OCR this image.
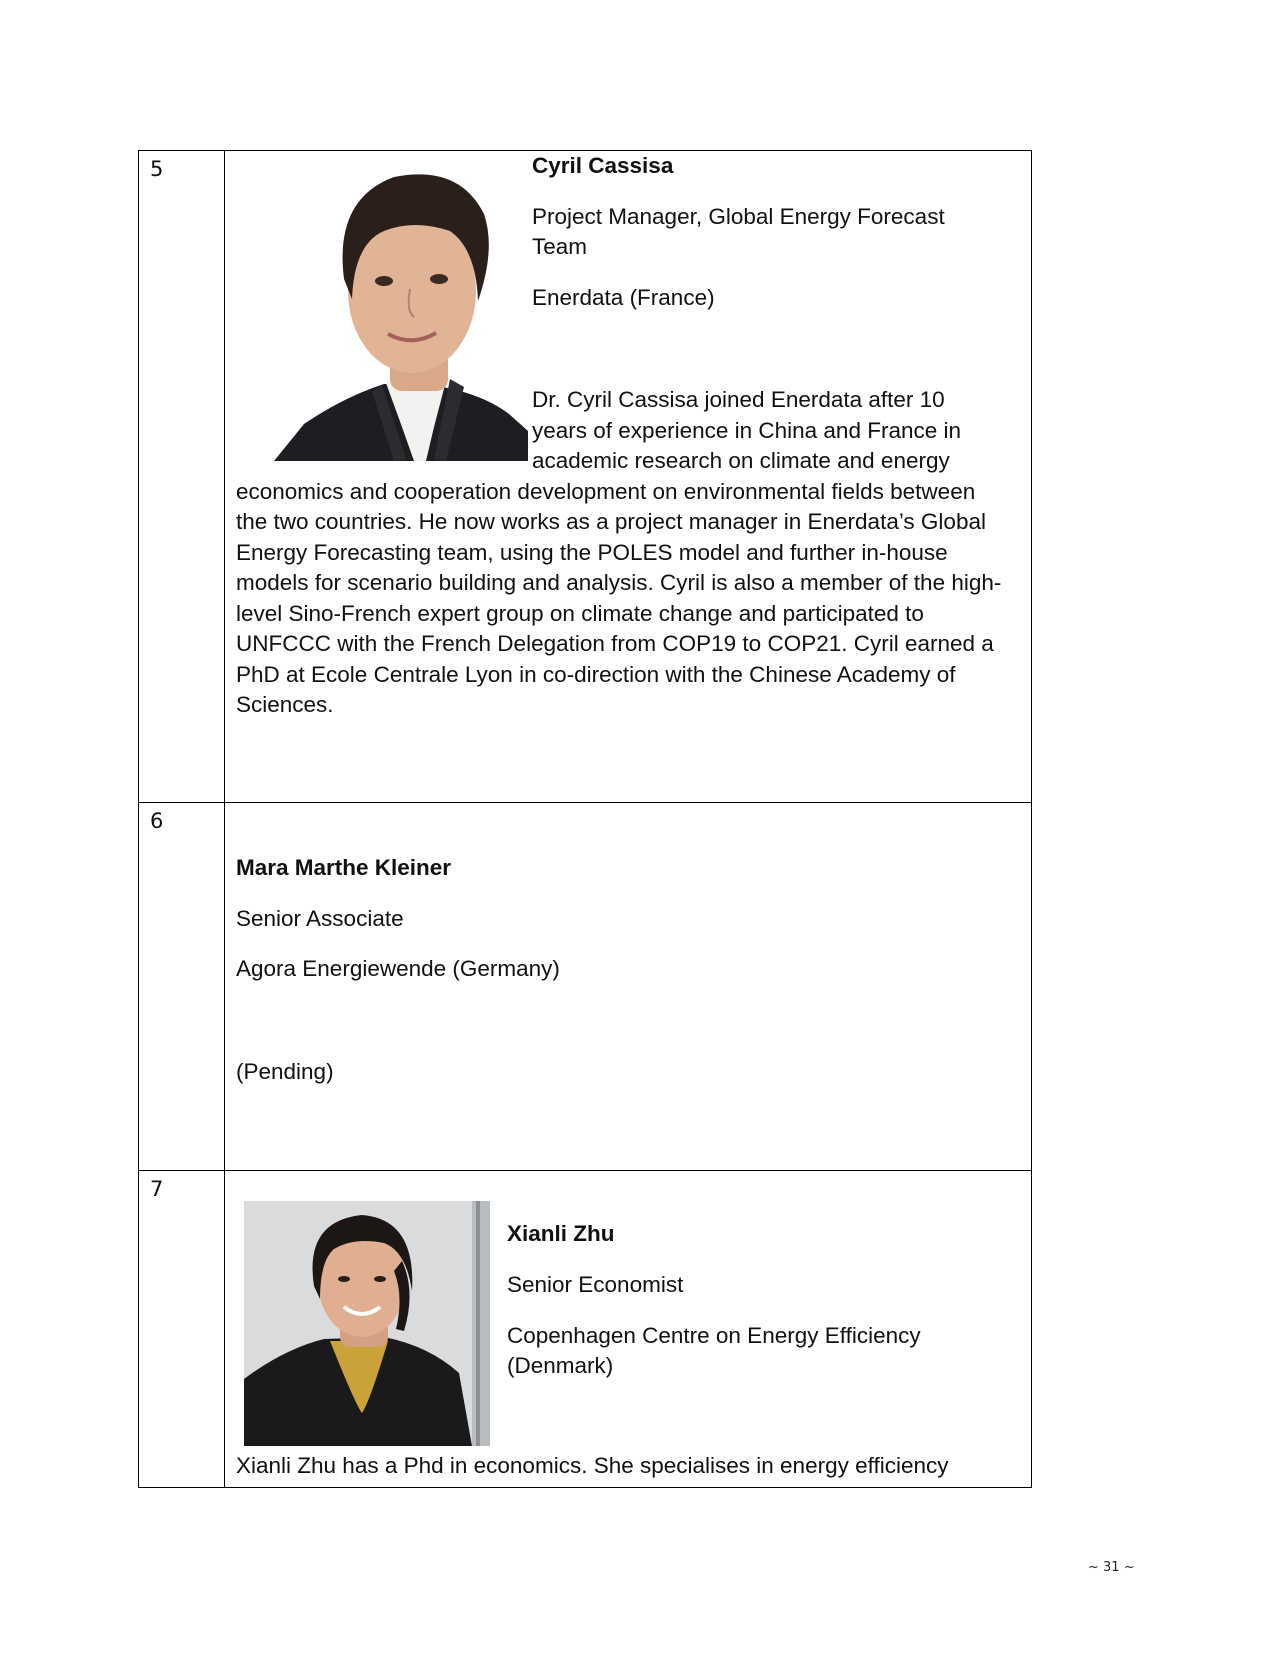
5	Cyril Cassisa
Project Manager, Global Energy Forecast
Team
Enerdata (France)
Dr. Cyril Cassisa joined Enerdata after 10
years of experience in China and France in
academic research on climate and energy
economics and cooperation development on environmental fields between
the two countries. He now works as a project manager in Enerdata’s Global
Energy Forecasting team, using the POLES model and further in-house
models for scenario building and analysis. Cyril is also a member of the high-
level Sino-French expert group on climate change and participated to
UNFCCC with the French Delegation from COP19 to COP21. Cyril earned a
PhD at Ecole Centrale Lyon in co-direction with the Chinese Academy of
Sciences.
6
Mara Marthe Kleiner
Senior Associate
Agora Energiewende (Germany)
(Pending)
7
Xianli Zhu
Senior Economist
Copenhagen Centre on Energy Efficiency
(Denmark)
Xianli Zhu has a Phd in economics. She specialises in energy efficiency
~ 31 ~
